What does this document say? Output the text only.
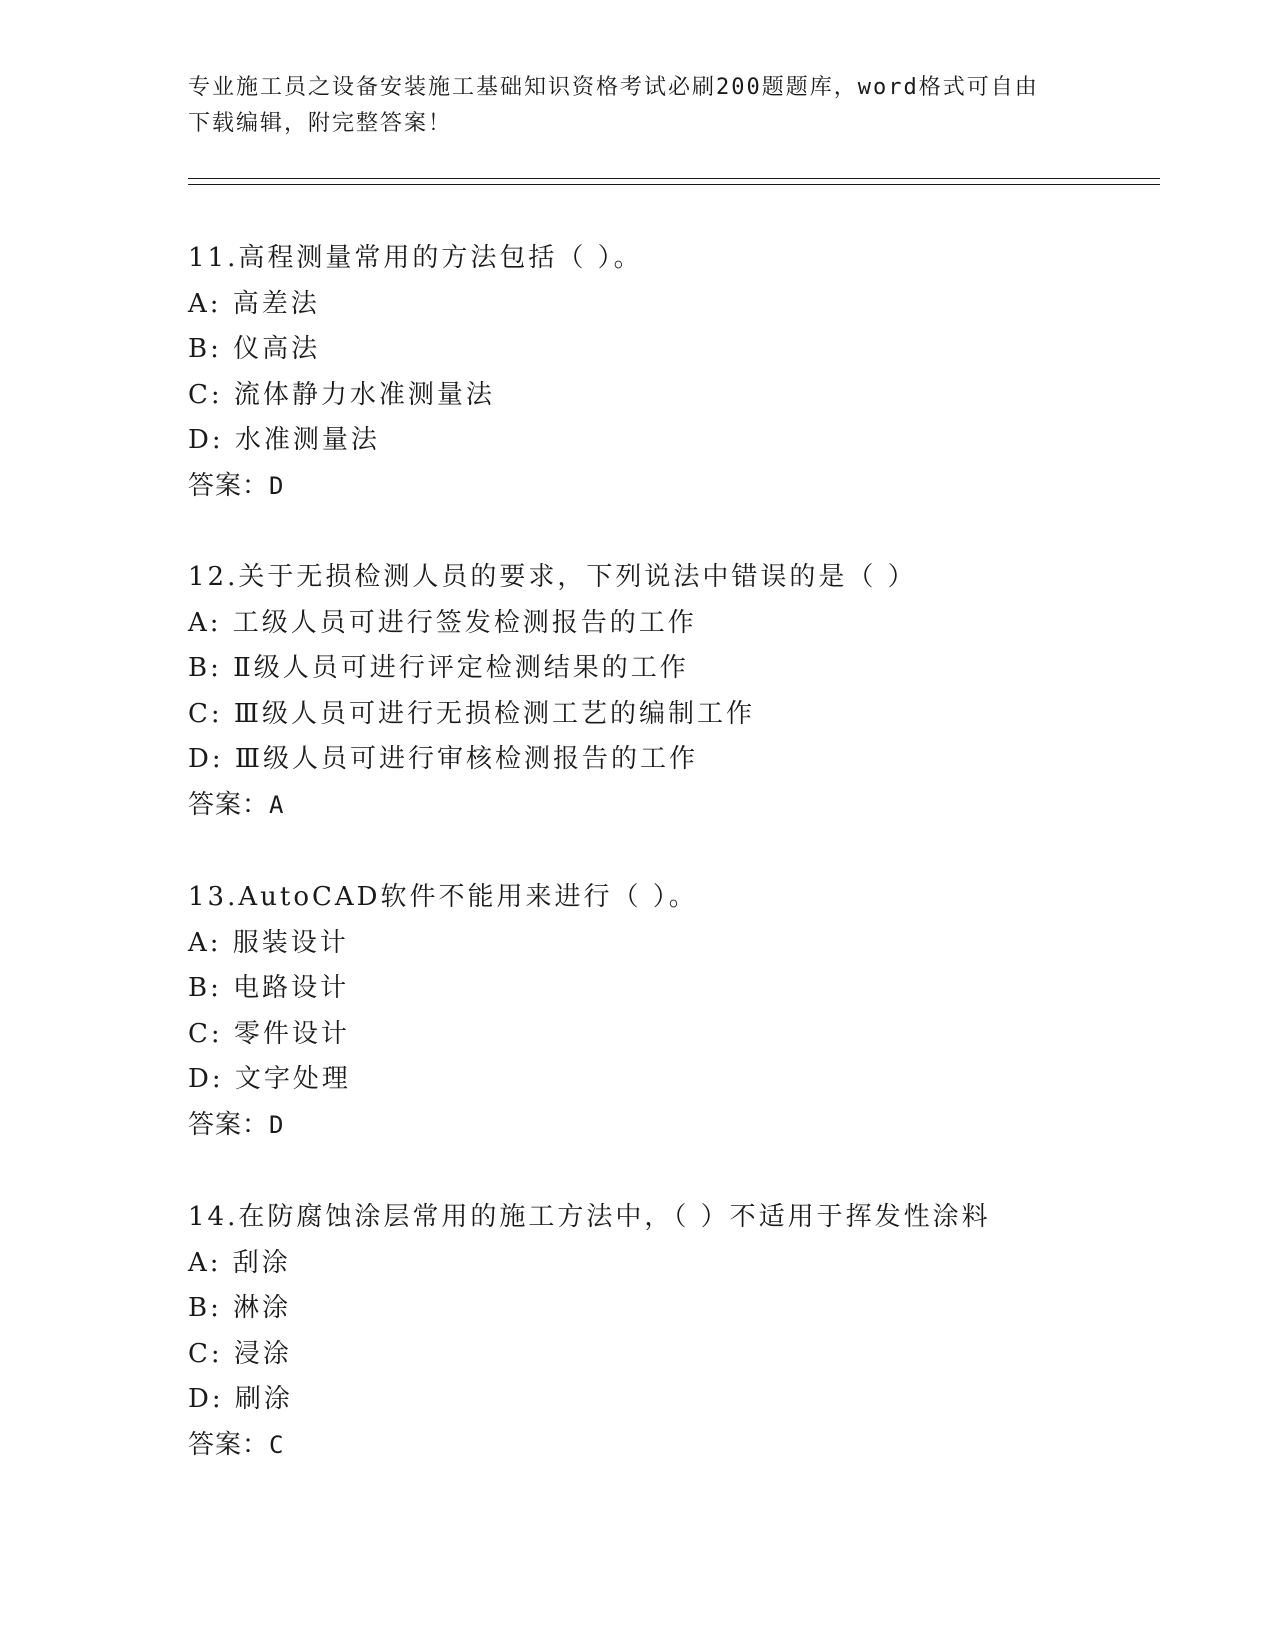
专业施工员之设备安装施工基础知识资格考试必刷200题题库，word格式可自由
下载编辑，附完整答案！
11.高程测量常用的方法包括（ ）。
A: 高差法
B: 仪高法
C: 流体静力水准测量法
D: 水准测量法
答案：D
12.关于无损检测人员的要求，下列说法中错误的是（ ）
A: 工级人员可进行签发检测报告的工作
B: Ⅱ级人员可进行评定检测结果的工作
C: Ⅲ级人员可进行无损检测工艺的编制工作
D: Ⅲ级人员可进行审核检测报告的工作
答案：A
13.AutoCAD软件不能用来进行（ ）。
A: 服装设计
B: 电路设计
C: 零件设计
D: 文字处理
答案：D
14.在防腐蚀涂层常用的施工方法中，（ ）不适用于挥发性涂料
A: 刮涂
B: 淋涂
C: 浸涂
D: 刷涂
答案：C
